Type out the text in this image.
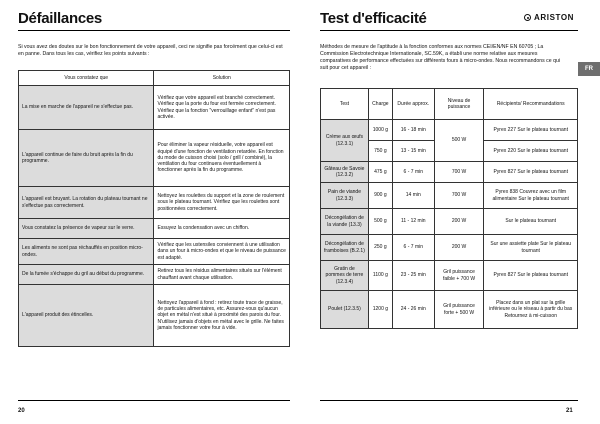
Défaillances
Si vous avez des doutes sur le bon fonctionnement de votre appareil, ceci ne signifie pas forcément que celui-ci est en panne. Dans tous les cas, vérifiez les points suivants :
20
Vous constatez que	Solution
La mise en marche de l'appareil ne s'effectue pas.	Vérifiez que votre appareil est branché correctement. Vérifiez que la porte du four est fermée correctement. Vérifiez que la fonction "verrouillage enfant" n'est pas activée.
L'appareil continue de faire du bruit après la fin du programme.	Pour éliminer la vapeur résiduelle, votre appareil est équipé d'une fonction de ventilation retardée. En fonction du mode de cuisson choisi (solo / grill / combiné), la ventilation du four continuera éventuellement à fonctionner après la fin du programme.
L'appareil est bruyant. La rotation du plateau tournant ne s'effectue pas correctement.	Nettoyez les roulettes du support et la zone de roulement sous le plateau tournant. Vérifiez que les roulettes sont positionnées correctement.
Vous constatez la présence de vapeur sur le verre.	Essuyez la condensation avec un chiffon.
Les aliments ne sont pas réchauffés en position micro-ondes.	Vérifiez que les ustensiles conviennent à une utilisation dans un four à micro-ondes et que le niveau de puissance est adapté.
De la fumée s'échappe du gril au début du programme.	Retirez tous les résidus alimentaires situés sur l'élément chauffant avant chaque utilisation.
L'appareil produit des étincelles.	Nettoyez l'appareil à fond : retirez toute trace de graisse, de particules alimentaires, etc. Assurez-vous qu'aucun objet en métal n'est situé à proximité des parois du four. N'utilisez jamais d'objets en métal avec le grille. Ne faites jamais fonctionner votre four à vide.
Test d'efficacité
Méthodes de mesure de l'aptitude à la fonction conformes aux normes CEI/EN/NF EN 60705 ; La Commission Electrotechnique Internationale, SC.59K, a établi une norme relative aux mesures comparatives de performance effectuées sur différents fours à micro-ondes. Nous recommandons ce qui suit pour cet appareil :
21
ARISTON
FR
Test	Charge	Durée approx.	Niveau de puissance	Récipients/ Recommandations
Crème aux œufs (12.3.1)	1000 g	16 - 18 min	500 W	Pyrex 227 Sur le plateau tournant
	750 g	13 - 15 min		Pyrex 220 Sur le plateau tournant
Gâteau de Savoie (12.3.2)	475 g	6 - 7 min	700 W	Pyrex 827 Sur le plateau tournant
Pain de viande (12.3.3)	900 g	14 min	700 W	Pyrex 838 Couvrez avec un film alimentaire Sur le plateau tournant
Décongélation de la viande (13.3)	500 g	11 - 12 min	200 W	Sur le plateau tournant
Décongélation de framboises (B.2.1)	250 g	6 - 7 min	200 W	Sur une assiette plate Sur le plateau tournant
Gratin de pommes de terre (12.3.4)	1100 g	23 - 25 min	Gril puissance faible + 700 W	Pyrex 827 Sur le plateau tournant
Poulet (12.3.5)	1200 g	24 - 26 min	Gril puissance forte + 500 W	Placez dans un plat sur la grille inférieure ou le réseau à partir du bas Retournez à mi-cuisson
